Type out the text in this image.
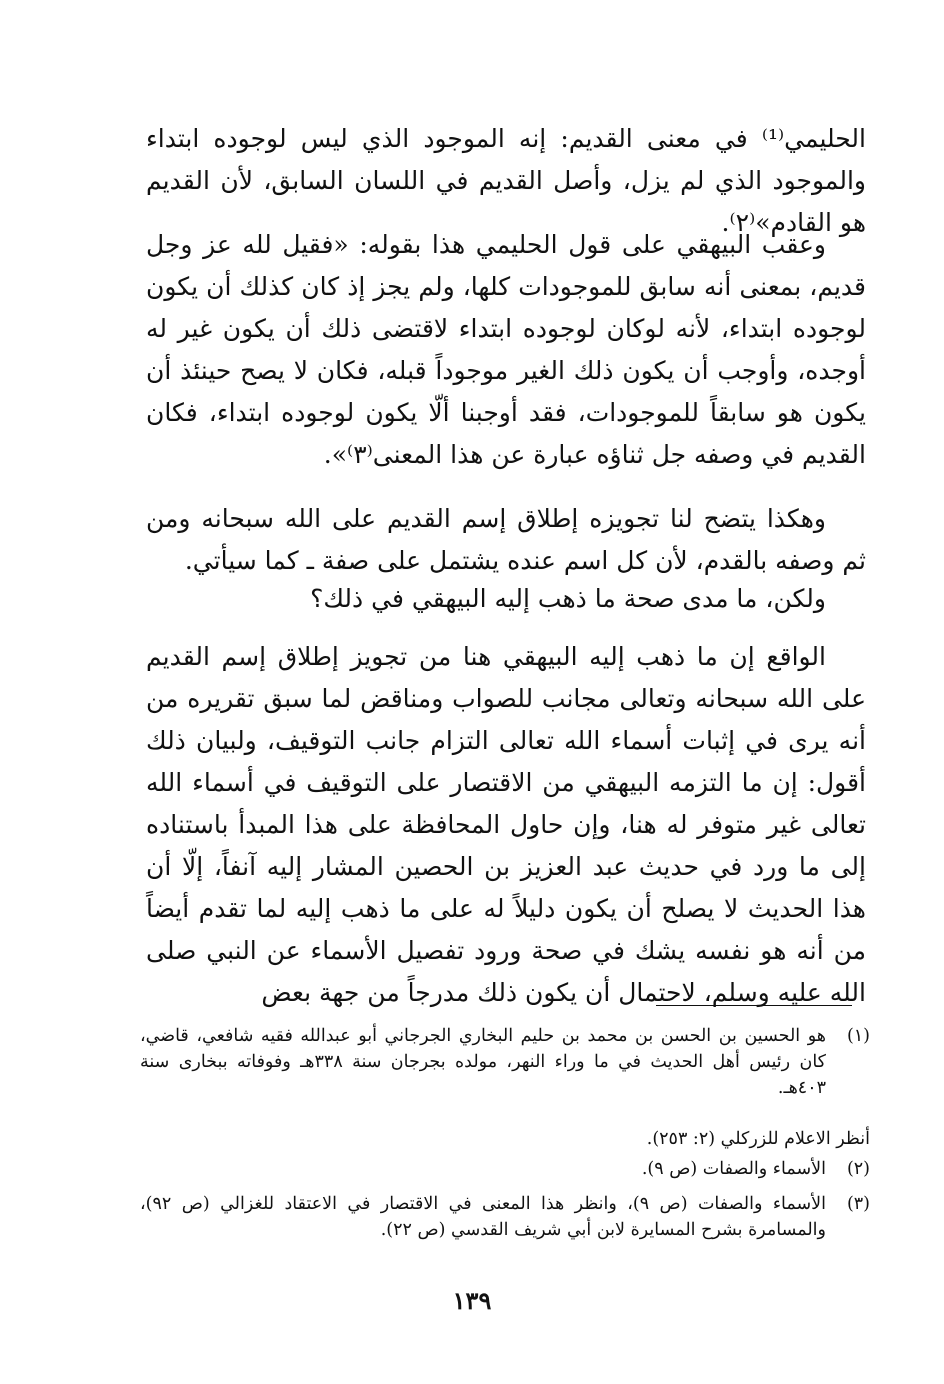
الحليمي⁽¹⁾ في معنى القديم: إنه الموجود الذي ليس لوجوده ابتداء والموجود الذي لم يزل، وأصل القديم في اللسان السابق، لأن القديم هو القادم»⁽٢⁾.

وعقب البيهقي على قول الحليمي هذا بقوله: «فقيل لله عز وجل قديم، بمعنى أنه سابق للموجودات كلها، ولم يجز إذ كان كذلك أن يكون لوجوده ابتداء، لأنه لوكان لوجوده ابتداء لاقتضى ذلك أن يكون غير له أوجده، وأوجب أن يكون ذلك الغير موجوداً قبله، فكان لا يصح حينئذ أن يكون هو سابقاً للموجودات، فقد أوجبنا ألّا يكون لوجوده ابتداء، فكان القديم في وصفه جل ثناؤه عبارة عن هذا المعنى⁽٣⁾».

وهكذا يتضح لنا تجويزه إطلاق إسم القديم على الله سبحانه ومن ثم وصفه بالقدم، لأن كل اسم عنده يشتمل على صفة ـ كما سيأتي.

ولكن، ما مدى صحة ما ذهب إليه البيهقي في ذلك؟

الواقع إن ما ذهب إليه البيهقي هنا من تجويز إطلاق إسم القديم على الله سبحانه وتعالى مجانب للصواب ومناقض لما سبق تقريره من أنه يرى في إثبات أسماء الله تعالى التزام جانب التوقيف، ولبيان ذلك أقول: إن ما التزمه البيهقي من الاقتصار على التوقيف في أسماء الله تعالى غير متوفر له هنا، وإن حاول المحافظة على هذا المبدأ باستناده إلى ما ورد في حديث عبد العزيز بن الحصين المشار إليه آنفاً، إلّا أن هذا الحديث لا يصلح أن يكون دليلاً له على ما ذهب إليه لما تقدم أيضاً من أنه هو نفسه يشك في صحة ورود تفصيل الأسماء عن النبي صلى الله عليه وسلم، لاحتمال أن يكون ذلك مدرجاً من جهة بعض

(١)
هو الحسين بن الحسن بن محمد بن حليم البخاري الجرجاني أبو عبدالله فقيه شافعي، قاضي، كان رئيس أهل الحديث في ما وراء النهر، مولده بجرجان سنة ٣٣٨هـ وفوفاته ببخارى سنة ٤٠٣هـ.
أنظر الاعلام للزركلي (٢: ٢٥٣).
(٢)
الأسماء والصفات (ص ٩).
(٣)
الأسماء والصفات (ص ٩)، وانظر هذا المعنى في الاقتصار في الاعتقاد للغزالي (ص ٩٢)، والمسامرة بشرح المسايرة لابن أبي شريف القدسي (ص ٢٢).
١٣٩
